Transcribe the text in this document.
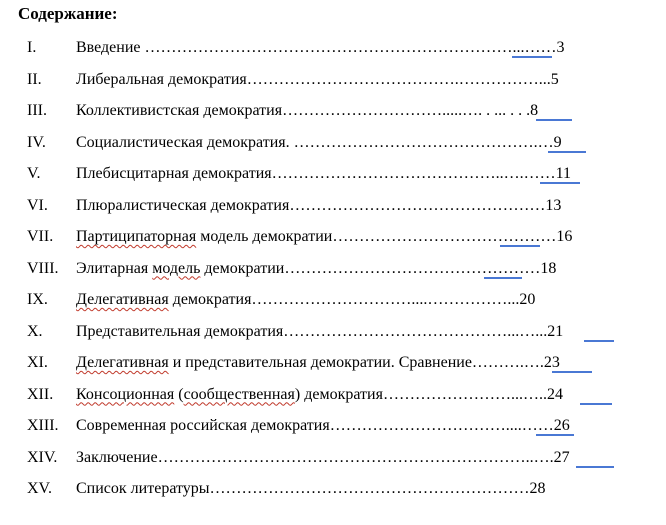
Содержание:
I. Введение ……………………………………………………………...……3
II. Либеральная демократия………………………………….……………...5
III. Коллективистская демократия………………………….....…. . ... . . .8
IV. Социалистическая демократия. ……………………………………….…9
V. Плебисцитарная демократия……………………………………..….……11
VI. Плюралистическая демократия…………………………………………13
VII. Партиципаторная модель демократии……………………………………16
VIII. Элитарная модель демократии…………………………………………18
IX. Делегативная демократия…………………………....……………...20
X. Представительная демократия……………………………………...…...21
XI. Делегативная и представительная демократии. Сравнение……….….23
XII. Консоционная (сообщественная) демократия……………………...…..24
XIII. Современная российская демократия……………………………....……26
XIV. Заключение……………………………………………………………..….27
XV. Список литературы……………………………………………………28
